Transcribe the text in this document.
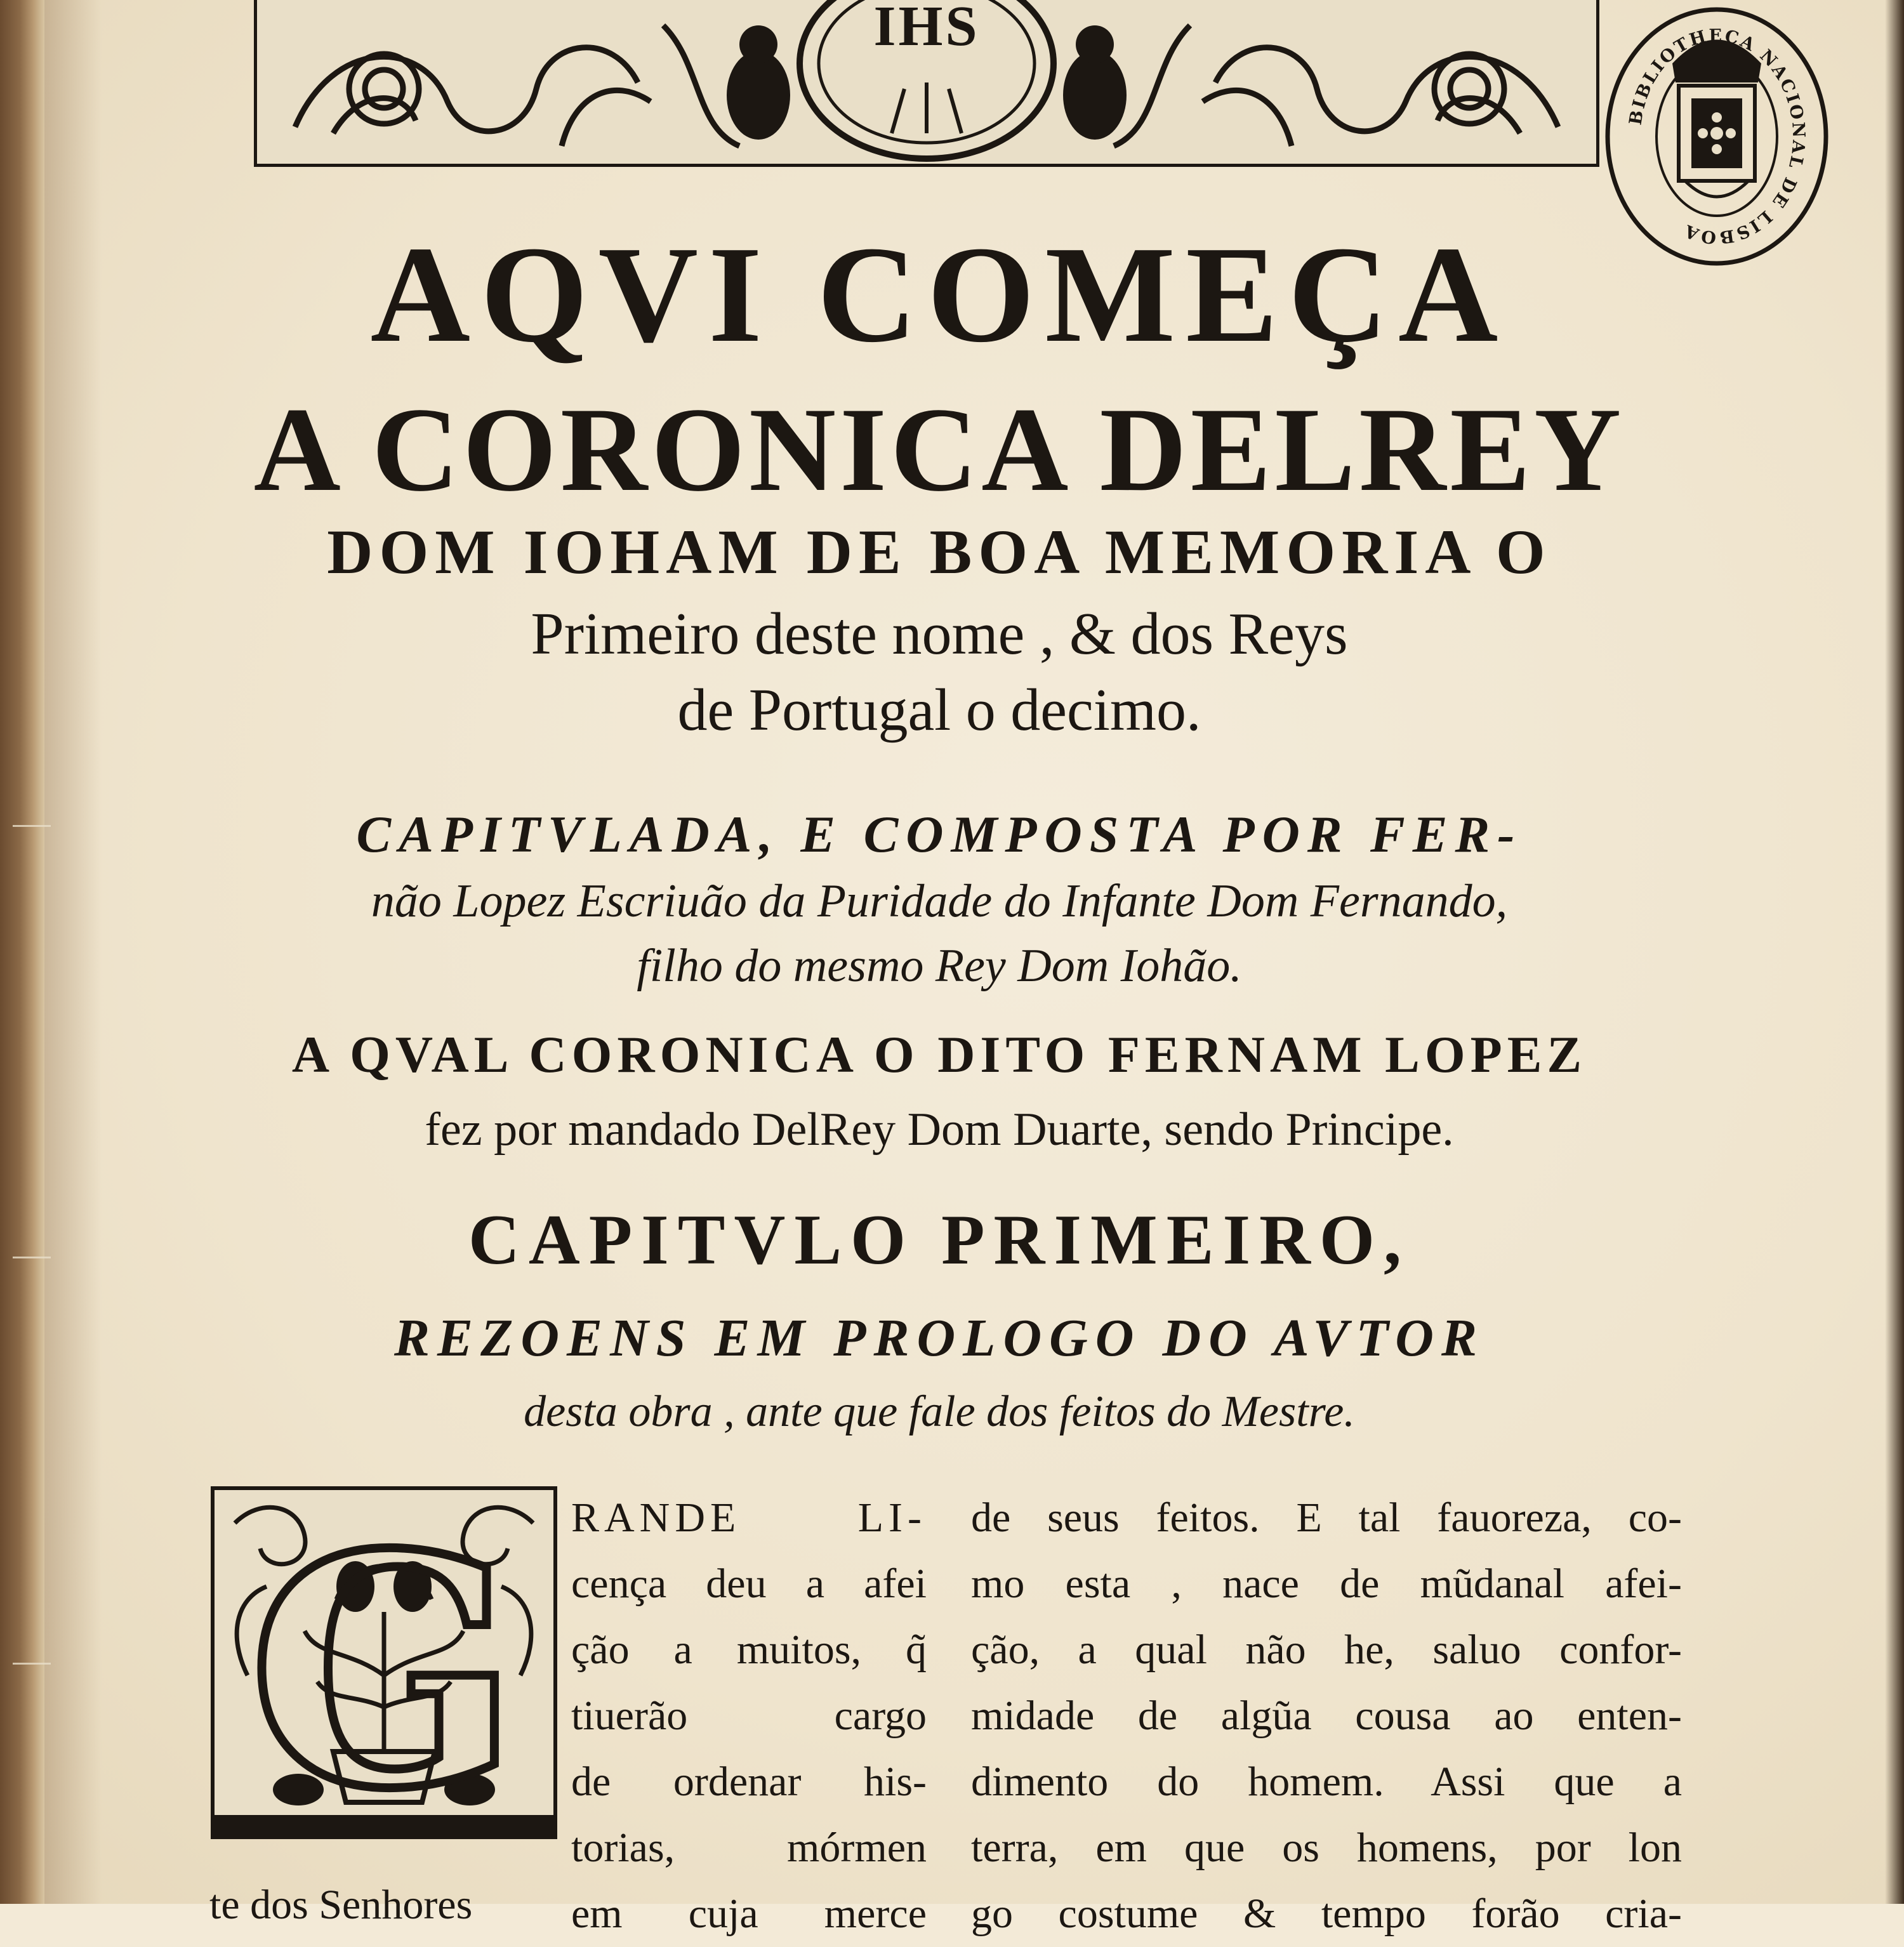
IHS
BIBLIOTHECA NACIONAL DE LISBOA
AQVI COMEÇA
A CORONICA DELREY
DOM IOHAM DE BOA MEMORIA O

Primeiro deste nome , & dos Reys

de Portugal o decimo.

CAPITVLADA, E COMPOSTA POR FER-

não Lopez Escriuão da Puridade do Infante Dom Fernando,

filho do mesmo Rey Dom Iohão.

A QVAL CORONICA O DITO FERNAM LOPEZ

fez por mandado DelRey Dom Duarte, sendo Principe.

CAPITVLO PRIMEIRO,

REZOENS EM PROLOGO DO AVTOR

desta obra , ante que fale dos feitos do Mestre.

G RANDE LI-
cença deu a afei
ção a muitos, q̃
tiuerão cargo
de ordenar his-
torias, mórmen
em cuja merce
te dos Senhores
de seus feitos. E tal fauoreza, co-
mo esta , nace de mũdanal afei-
ção, a qual não he, saluo confor-
midade de algũa cousa ao enten-
dimento do homem. Assi que a
terra, em que os homens, por lon
go costume & tempo forão cria-
